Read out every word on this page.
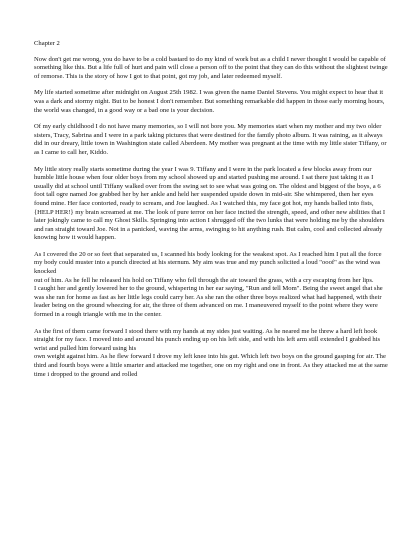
Chapter 2
Now don't get me wrong, you do have to be a cold bastard to do my kind of work but as a child I never thought I would be capable of something like this. But a life full of hurt and pain will close a person off to the point that they can do this without the slightest twinge of remorse. This is the story of how I got to that point, got my job, and later redeemed myself.
My life started sometime after midnight on August 25th 1982. I was given the name Daniel Stevens. You might expect to hear that it was a dark and stormy night. But to be honest I don't remember. But something remarkable did happen in those early morning hours, the world was changed, in a good way or a bad one is your decision.
Of my early childhood I do not have many memories, so I will not bore you. My memories start when my mother and my two older sisters, Tracy, Sabrina and I were in a park taking pictures that were destined for the family photo album. It was raining, as it always did in our dreary, little town in Washington state called Aberdeen. My mother was pregnant at the time with my little sister Tiffany, or as I came to call her, Kiddo.
My little story really starts sometime during the year I was 9. Tiffany and I were in the park located a few blocks away from our humble little house when four older boys from my school showed up and started pushing me around. I sat there just taking it as I usually did at school until Tiffany walked over from the swing set to see what was going on. The oldest and biggest of the boys, a 6 foot tall ogre named Joe grabbed her by her ankle and held her suspended upside down in mid-air. She whimpered, then her eyes found mine. Her face contorted, ready to scream, and Joe laughed. As I watched this, my face got hot, my hands balled into fists, {HELP HER!} my brain screamed at me. The look of pure terror on her face incited the strength, speed, and other new abilities that I later jokingly came to call my Ghost Skills. Springing into action I shrugged off the two lunks that were holding me by the shoulders and ran straight toward Joe. Not in a panicked, waving the arms, swinging to hit anything rush. But calm, cool and collected already knowing how it would happen.
As I covered the 20 or so feet that separated us, I scanned his body looking for the weakest spot. As I reached him I put all the force
my body could muster into a punch directed at his sternum. My aim was true and my punch solicited a loud "ooof" as the wind was knocked
out of him. As he fell he released his hold on Tiffany who fell through the air toward the grass, with a cry escaping from her lips.
I caught her and gently lowered her to the ground, whispering in her ear saying, "Run and tell Mom". Being the sweet angel that she was she ran for home as fast as her little legs could carry her. As she ran the other three boys realized what had happened, with their leader being on the ground wheezing for air, the three of them advanced on me. I maneuvered myself to the point where they were formed in a rough triangle with me in the center.
As the first of them came forward I stood there with my hands at my sides just waiting. As he neared me he threw a hard left hook straight for my face. I moved into and around his punch ending up on his left side, and with his left arm still extended I grabbed his wrist and pulled him forward using his
own weight against him. As he flew forward I drove my left knee into his gut. Which left two boys on the ground gasping for air. The third and fourth boys were a little smarter and attacked me together, one on my right and one in front. As they attacked me at the same time i dropped to the ground and rolled
